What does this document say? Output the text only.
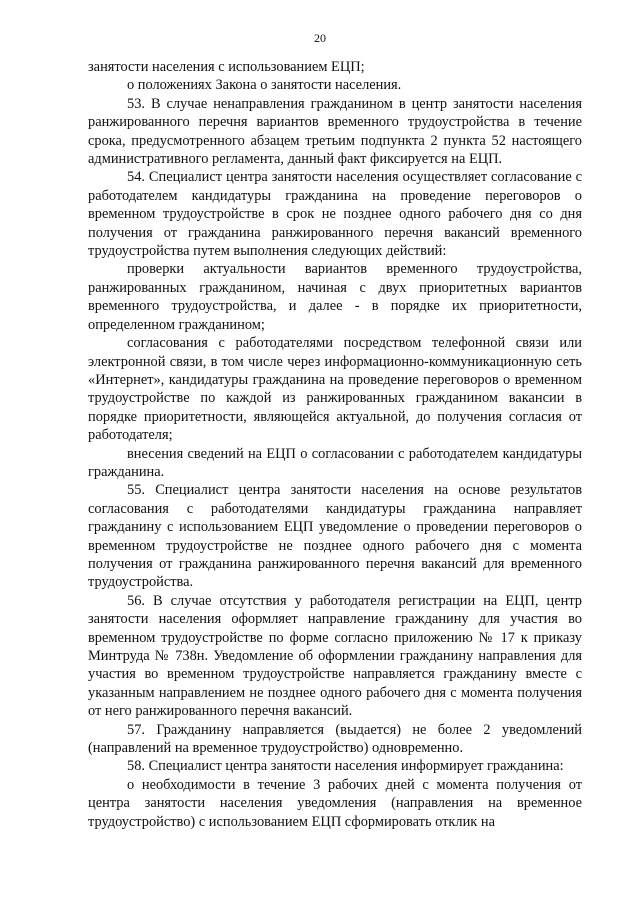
20

занятости населения с использованием ЕЦП;

о положениях Закона о занятости населения.

53. В случае ненаправления гражданином в центр занятости населения ранжированного перечня вариантов временного трудоустройства в течение срока, предусмотренного абзацем третьим подпункта 2 пункта 52 настоящего административного регламента, данный факт фиксируется на ЕЦП.

54. Специалист центра занятости населения осуществляет согласование с работодателем кандидатуры гражданина на проведение переговоров о временном трудоустройстве в срок не позднее одного рабочего дня со дня получения от гражданина ранжированного перечня вакансий временного трудоустройства путем выполнения следующих действий:

проверки актуальности вариантов временного трудоустройства, ранжированных гражданином, начиная с двух приоритетных вариантов временного трудоустройства, и далее - в порядке их приоритетности, определенном гражданином;

согласования с работодателями посредством телефонной связи или электронной связи, в том числе через информационно-коммуникационную сеть «Интернет», кандидатуры гражданина на проведение переговоров о временном трудоустройстве по каждой из ранжированных гражданином вакансии в порядке приоритетности, являющейся актуальной, до получения согласия от работодателя;

внесения сведений на ЕЦП о согласовании с работодателем кандидатуры гражданина.

55. Специалист центра занятости населения на основе результатов согласования с работодателями кандидатуры гражданина направляет гражданину с использованием ЕЦП уведомление о проведении переговоров о временном трудоустройстве не позднее одного рабочего дня с момента получения от гражданина ранжированного перечня вакансий для временного трудоустройства.

56. В случае отсутствия у работодателя регистрации на ЕЦП, центр занятости населения оформляет направление гражданину для участия во временном трудоустройстве по форме согласно приложению № 17 к приказу Минтруда № 738н. Уведомление об оформлении гражданину направления для участия во временном трудоустройстве направляется гражданину вместе с указанным направлением не позднее одного рабочего дня с момента получения от него ранжированного перечня вакансий.

57. Гражданину направляется (выдается) не более 2 уведомлений (направлений на временное трудоустройство) одновременно.

58. Специалист центра занятости населения информирует гражданина:

о необходимости в течение 3 рабочих дней с момента получения от центра занятости населения уведомления (направления на временное трудоустройство) с использованием ЕЦП сформировать отклик на
